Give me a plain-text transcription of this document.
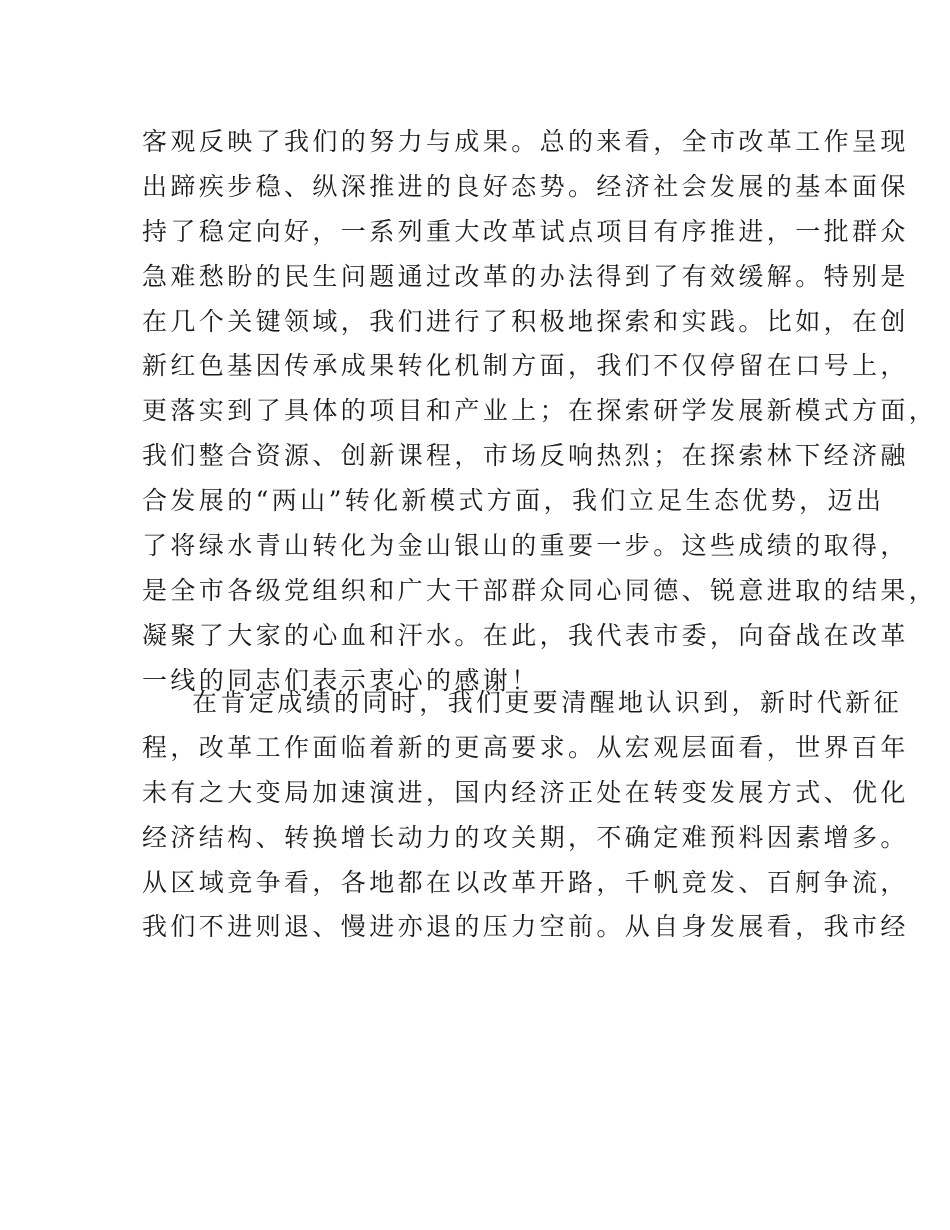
客观反映了我们的努力与成果。总的来看，全市改革工作呈现
出蹄疾步稳、纵深推进的良好态势。经济社会发展的基本面保
持了稳定向好，一系列重大改革试点项目有序推进，一批群众
急难愁盼的民生问题通过改革的办法得到了有效缓解。特别是
在几个关键领域，我们进行了积极地探索和实践。比如，在创
新红色基因传承成果转化机制方面，我们不仅停留在口号上，
更落实到了具体的项目和产业上；在探索研学发展新模式方面，
我们整合资源、创新课程，市场反响热烈；在探索林下经济融
合发展的“两山”转化新模式方面，我们立足生态优势，迈出
了将绿水青山转化为金山银山的重要一步。这些成绩的取得，
是全市各级党组织和广大干部群众同心同德、锐意进取的结果，
凝聚了大家的心血和汗水。在此，我代表市委，向奋战在改革
一线的同志们表示衷心的感谢！
在肯定成绩的同时，我们更要清醒地认识到，新时代新征
程，改革工作面临着新的更高要求。从宏观层面看，世界百年
未有之大变局加速演进，国内经济正处在转变发展方式、优化
经济结构、转换增长动力的攻关期，不确定难预料因素增多。
从区域竞争看，各地都在以改革开路，千帆竞发、百舸争流，
我们不进则退、慢进亦退的压力空前。从自身发展看，我市经
